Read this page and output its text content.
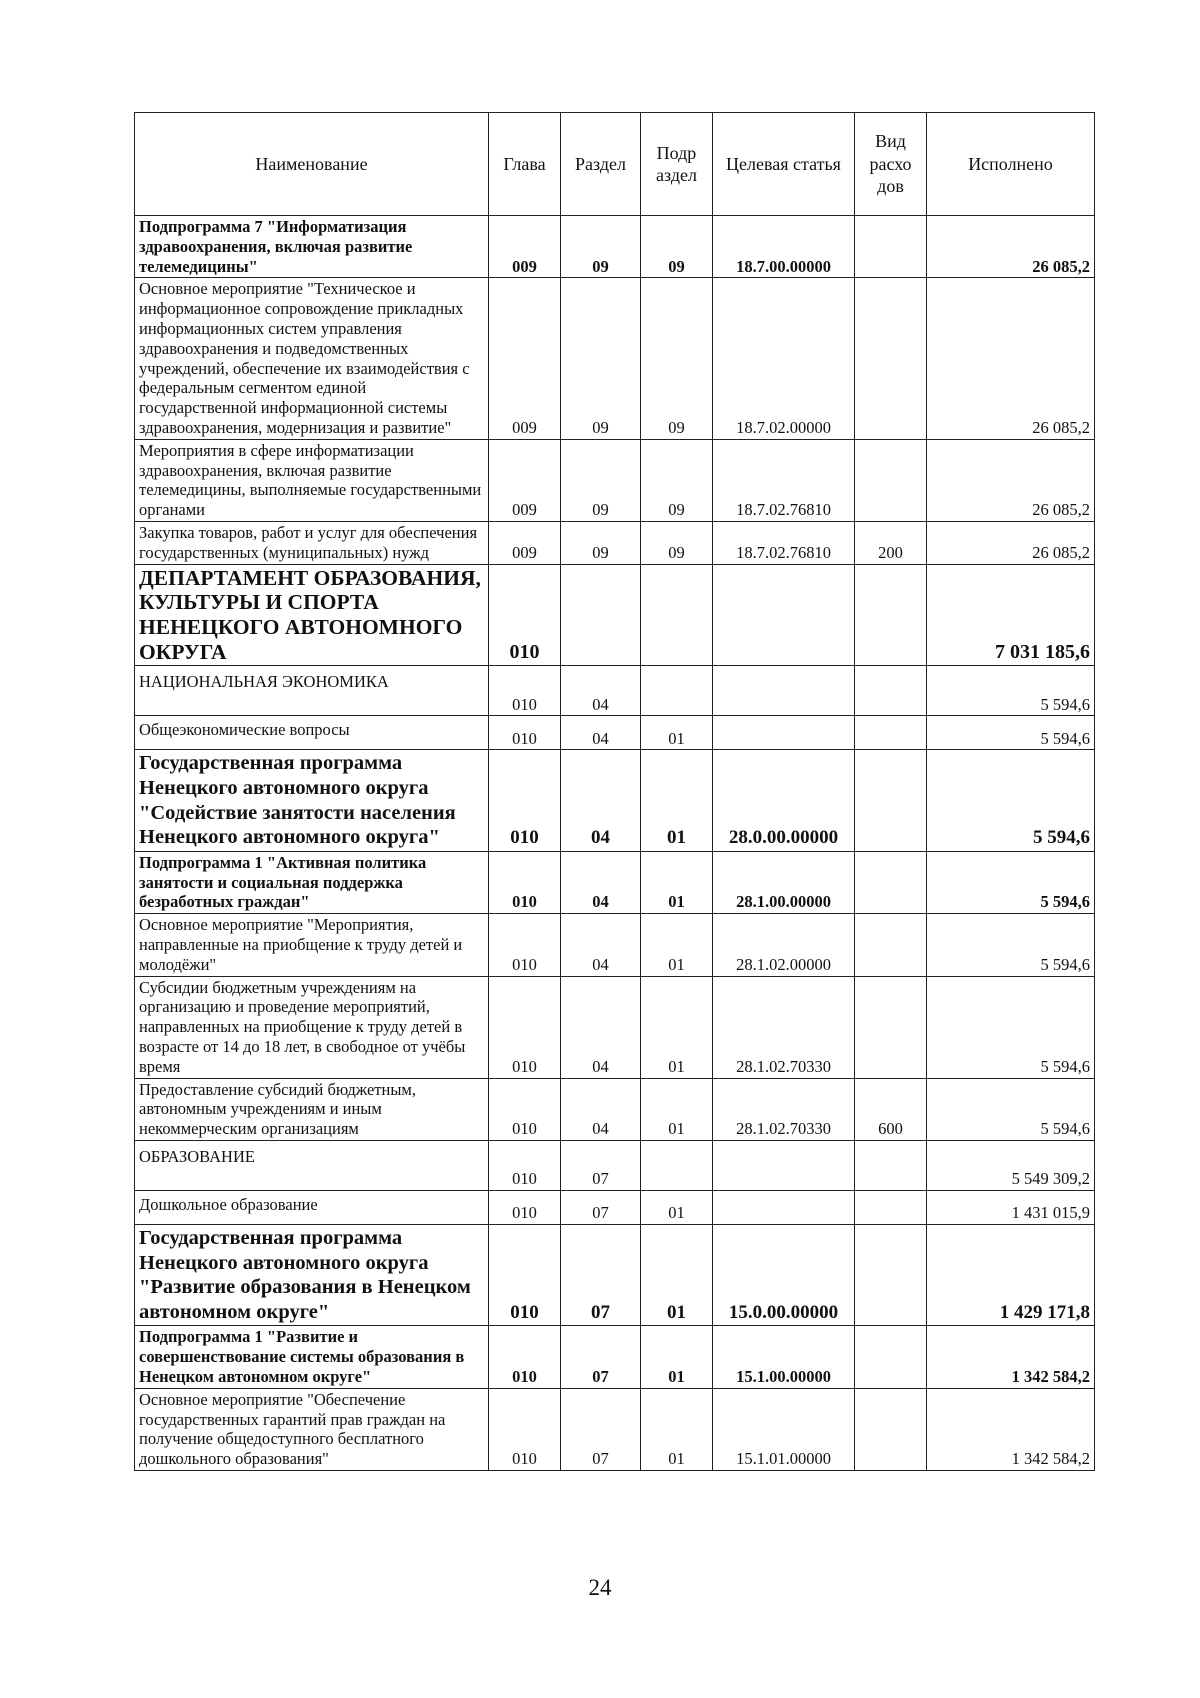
Наименование	Глава	Раздел	Подр аздел	Целевая статья	Вид расхо дов	Исполнено
Подпрограмма 7 "Информатизация здравоохранения, включая развитие телемедицины"	009	09	09	18.7.00.00000		26 085,2
Основное мероприятие "Техническое и информационное сопровождение прикладных информационных систем управления здравоохранения и подведомственных учреждений, обеспечение их взаимодействия с федеральным сегментом единой государственной информационной системы здравоохранения, модернизация и развитие"	009	09	09	18.7.02.00000		26 085,2
Мероприятия в сфере информатизации здравоохранения, включая развитие телемедицины, выполняемые государственными органами	009	09	09	18.7.02.76810		26 085,2
Закупка товаров, работ и услуг для обеспечения государственных (муниципальных) нужд	009	09	09	18.7.02.76810	200	26 085,2
ДЕПАРТАМЕНТ ОБРАЗОВАНИЯ, КУЛЬТУРЫ И СПОРТА НЕНЕЦКОГО АВТОНОМНОГО ОКРУГА	010					7 031 185,6
НАЦИОНАЛЬНАЯ ЭКОНОМИКА	010	04				5 594,6
Общеэкономические вопросы	010	04	01			5 594,6
Государственная программа Ненецкого автономного округа "Содействие занятости населения Ненецкого автономного округа"	010	04	01	28.0.00.00000		5 594,6
Подпрограмма 1 "Активная политика занятости и социальная поддержка безработных граждан"	010	04	01	28.1.00.00000		5 594,6
Основное мероприятие "Мероприятия, направленные на приобщение к труду детей и молодёжи"	010	04	01	28.1.02.00000		5 594,6
Субсидии бюджетным учреждениям на организацию и проведение мероприятий, направленных на приобщение к труду детей в возрасте от 14 до 18 лет, в свободное от учёбы время	010	04	01	28.1.02.70330		5 594,6
Предоставление субсидий бюджетным, автономным учреждениям и иным некоммерческим организациям	010	04	01	28.1.02.70330	600	5 594,6
ОБРАЗОВАНИЕ	010	07				5 549 309,2
Дошкольное образование	010	07	01			1 431 015,9
Государственная программа Ненецкого автономного округа "Развитие образования в Ненецком автономном округе"	010	07	01	15.0.00.00000		1 429 171,8
Подпрограмма 1 "Развитие и совершенствование системы образования в Ненецком автономном округе"	010	07	01	15.1.00.00000		1 342 584,2
Основное мероприятие "Обеспечение государственных гарантий прав граждан на получение общедоступного бесплатного дошкольного образования"	010	07	01	15.1.01.00000		1 342 584,2
24
